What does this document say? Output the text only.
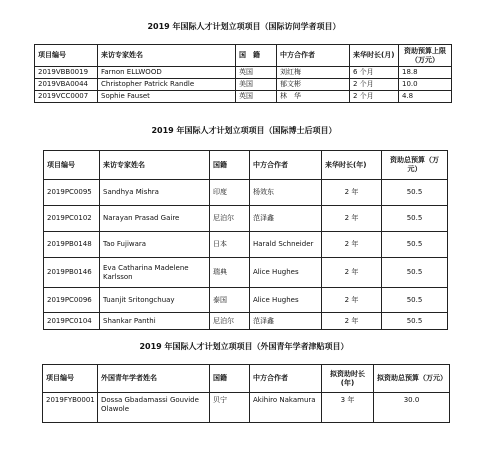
2019 年国际人才计划立项项目（国际访问学者项目）
项目编号	来访专家姓名	国　籍	中方合作者	来华时长(月)	资助预算上限（万元）
2019VBB0019	Farnon ELLWOOD	英国	刘红梅	6 个月	18.8
2019VBA0044	Christopher Patrick Randle	美国	郁文彬	2 个月	10.0
2019VCC0007	Sophie Fauset	英国	林　华	2 个月	4.8
2019 年国际人才计划立项项目（国际博士后项目）
项目编号	来访专家姓名	国籍	中方合作者	来华时长(年)	资助总预算（万元）
2019PC0095	Sandhya Mishra	印度	杨效东	2 年	50.5
2019PC0102	Narayan Prasad Gaire	尼泊尔	范泽鑫	2 年	50.5
2019PB0148	Tao Fujiwara	日本	Harald Schneider	2 年	50.5
2019PB0146	Eva Catharina Madelene Karlsson	瑞典	Alice Hughes	2 年	50.5
2019PC0096	Tuanjit Sritongchuay	泰国	Alice Hughes	2 年	50.5
2019PC0104	Shankar Panthi	尼泊尔	范泽鑫	2 年	50.5
2019 年国际人才计划立项项目（外国青年学者津贴项目）
项目编号	外国青年学者姓名	国籍	中方合作者	拟资助时长(年)	拟资助总预算（万元）
2019FYB0001	Dossa Gbadamassi Gouvide Olawole	贝宁	Akihiro Nakamura	3 年	30.0
